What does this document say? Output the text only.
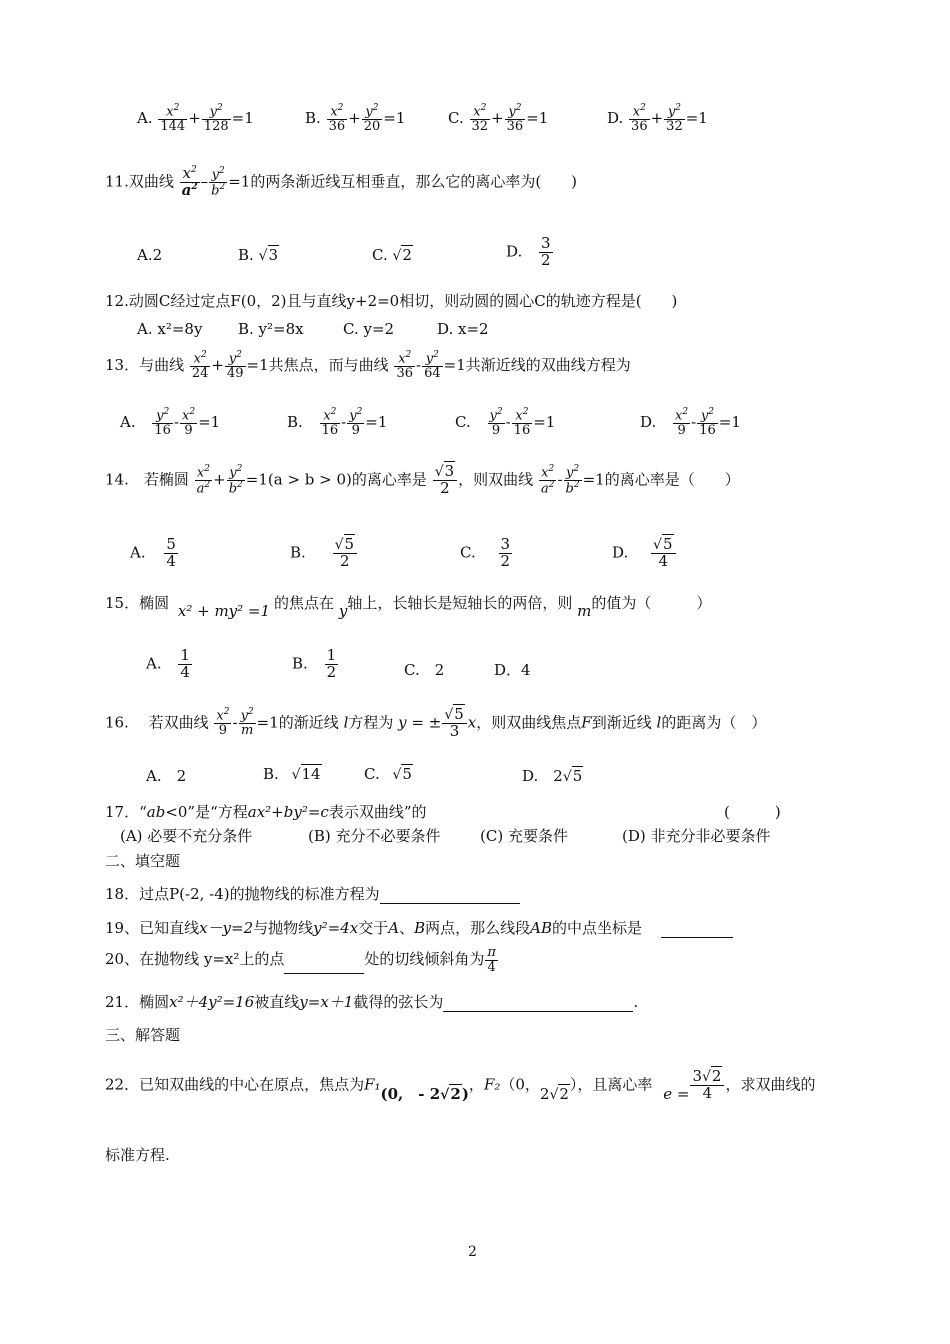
A. $\frac{x^2}{144} + \frac{y^2}{128} =1$	B. $\frac{x^2}{36} + \frac{y^2}{20} =1$	C. $\frac{x^2}{32} + \frac{y^2}{36} =1$	D. $\frac{x^2}{36} + \frac{y^2}{32} =1$
11.双曲线 $\frac{x^2}{a^2} - \frac{y^2}{b^2} =1$的两条渐近线互相垂直，那么它的离心率为(　　)
A.2	B. √3	C. √2	D. $\frac{3}{2}$
12.动圆C经过定点F(0，2)且与直线y+2=0相切，则动圆的圆心C的轨迹方程是(　　)
A. x²=8y B. y²=8x	C. y=2	D. x=2
13．与曲线 $\frac{x^2}{24} + \frac{y^2}{49} =1$共焦点，而与曲线 $\frac{x^2}{36} - \frac{y^2}{64} =1$共渐近线的双曲线方程为
A. $\frac{y^2}{16} - \frac{x^2}{9} =1$	B. $\frac{x^2}{16} - \frac{y^2}{9} =1$	C. $\frac{y^2}{9} - \frac{x^2}{16} =1$	D. $\frac{x^2}{9} - \frac{y^2}{16} =1$
14.　若椭圆 $\frac{x^2}{a^2} + \frac{y^2}{b^2} =1(a > b > 0)$的离心率是 $\frac{√3}{2}$ ，则双曲线 $\frac{x^2}{a^2} - \frac{y^2}{b^2} =1$的离心率是（　　）
A. $\frac{5}{4}$	B. $\frac{√5}{2}$	C. $\frac{3}{2}$	D. $\frac{√5}{4}$
15．椭圆 x² + my² =1 的焦点在 y轴上，长轴长是短轴长的两倍，则 m的值为（　　　）
A. $\frac{1}{4}$	B. $\frac{1}{2}$	C.　2	D．4
16.　 若双曲线 $\frac{x^2}{9} - \frac{y^2}{m} =1$的渐近线 l方程为 y = ± $\frac{√5}{3}$ x，则双曲线焦点F到渐近线 l的距离为（　）
A.　2	B. √14	C. √5	D.　2√5
17．“ab<0”是“方程ax²+by²=c表示双曲线”的	(　　　)
(A) 必要不充分条件	(B) 充分不必要条件	(C) 充要条件	(D) 非充分非必要条件
二、填空题
18．过点P(-2, -4)的抛物线的标准方程为
19、已知直线x－y=2与抛物线y²=4x交于A、B两点，那么线段AB的中点坐标是
20、在抛物线 y=x²上的点	处的切线倾斜角为 $\frac{\pi}{4}$
21．椭圆x²＋4y²=16被直线y=x＋1截得的弦长为	.
三、解答题
22．已知双曲线的中心在原点，焦点为F₁(0,　- 2√2)，F₂（0，2√2），且离心率 $e = \frac{3√2}{4}$ ，求双曲线的
标准方程.
2
